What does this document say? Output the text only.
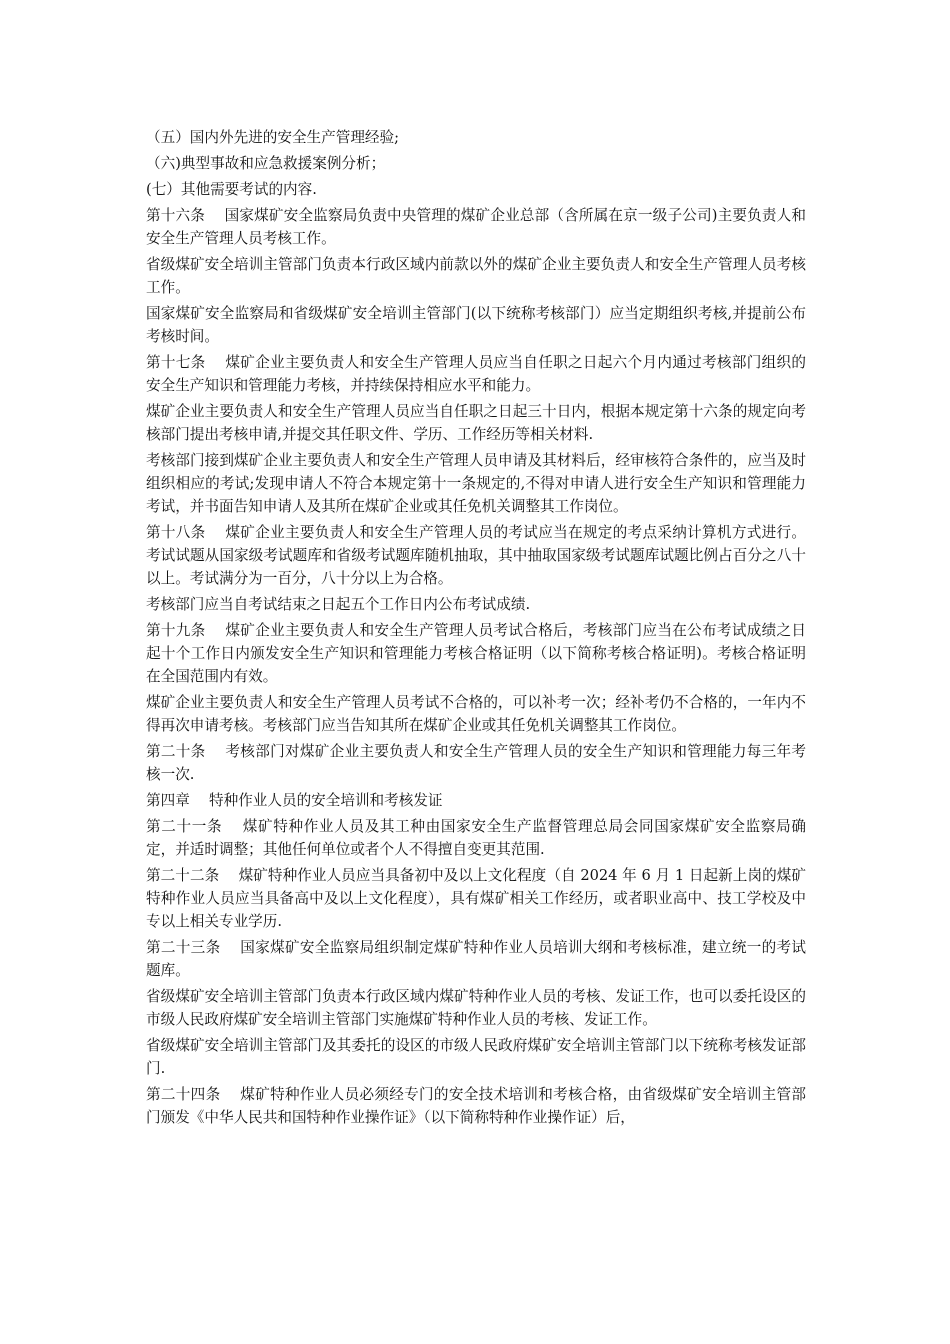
（五）国内外先进的安全生产管理经验;

（六)典型事故和应急救援案例分析；

(七）其他需要考试的内容.

第十六条　 国家煤矿安全监察局负责中央管理的煤矿企业总部（含所属在京一级子公司)主要负责人和安全生产管理人员考核工作。

省级煤矿安全培训主管部门负责本行政区域内前款以外的煤矿企业主要负责人和安全生产管理人员考核工作。

国家煤矿安全监察局和省级煤矿安全培训主管部门(以下统称考核部门）应当定期组织考核,并提前公布考核时间。

第十七条　 煤矿企业主要负责人和安全生产管理人员应当自任职之日起六个月内通过考核部门组织的安全生产知识和管理能力考核，并持续保持相应水平和能力。

煤矿企业主要负责人和安全生产管理人员应当自任职之日起三十日内，根据本规定第十六条的规定向考核部门提出考核申请,并提交其任职文件、学历、工作经历等相关材料.

考核部门接到煤矿企业主要负责人和安全生产管理人员申请及其材料后，经审核符合条件的，应当及时组织相应的考试;发现申请人不符合本规定第十一条规定的,不得对申请人进行安全生产知识和管理能力考试，并书面告知申请人及其所在煤矿企业或其任免机关调整其工作岗位。

第十八条　 煤矿企业主要负责人和安全生产管理人员的考试应当在规定的考点采纳计算机方式进行。考试试题从国家级考试题库和省级考试题库随机抽取，其中抽取国家级考试题库试题比例占百分之八十以上。考试满分为一百分，八十分以上为合格。

考核部门应当自考试结束之日起五个工作日内公布考试成绩.

第十九条　 煤矿企业主要负责人和安全生产管理人员考试合格后，考核部门应当在公布考试成绩之日起十个工作日内颁发安全生产知识和管理能力考核合格证明（以下简称考核合格证明)。考核合格证明在全国范围内有效。

煤矿企业主要负责人和安全生产管理人员考试不合格的，可以补考一次；经补考仍不合格的，一年内不得再次申请考核。考核部门应当告知其所在煤矿企业或其任免机关调整其工作岗位。

第二十条　 考核部门对煤矿企业主要负责人和安全生产管理人员的安全生产知识和管理能力每三年考核一次.

第四章　 特种作业人员的安全培训和考核发证

第二十一条　 煤矿特种作业人员及其工种由国家安全生产监督管理总局会同国家煤矿安全监察局确定，并适时调整；其他任何单位或者个人不得擅自变更其范围.

第二十二条　 煤矿特种作业人员应当具备初中及以上文化程度（自 2024 年 6 月 1 日起新上岗的煤矿特种作业人员应当具备高中及以上文化程度），具有煤矿相关工作经历，或者职业高中、技工学校及中专以上相关专业学历.

第二十三条　 国家煤矿安全监察局组织制定煤矿特种作业人员培训大纲和考核标准，建立统一的考试题库。

省级煤矿安全培训主管部门负责本行政区域内煤矿特种作业人员的考核、发证工作，也可以委托设区的市级人民政府煤矿安全培训主管部门实施煤矿特种作业人员的考核、发证工作。

省级煤矿安全培训主管部门及其委托的设区的市级人民政府煤矿安全培训主管部门以下统称考核发证部门.

第二十四条　 煤矿特种作业人员必须经专门的安全技术培训和考核合格，由省级煤矿安全培训主管部门颁发《中华人民共和国特种作业操作证》（以下简称特种作业操作证）后，
